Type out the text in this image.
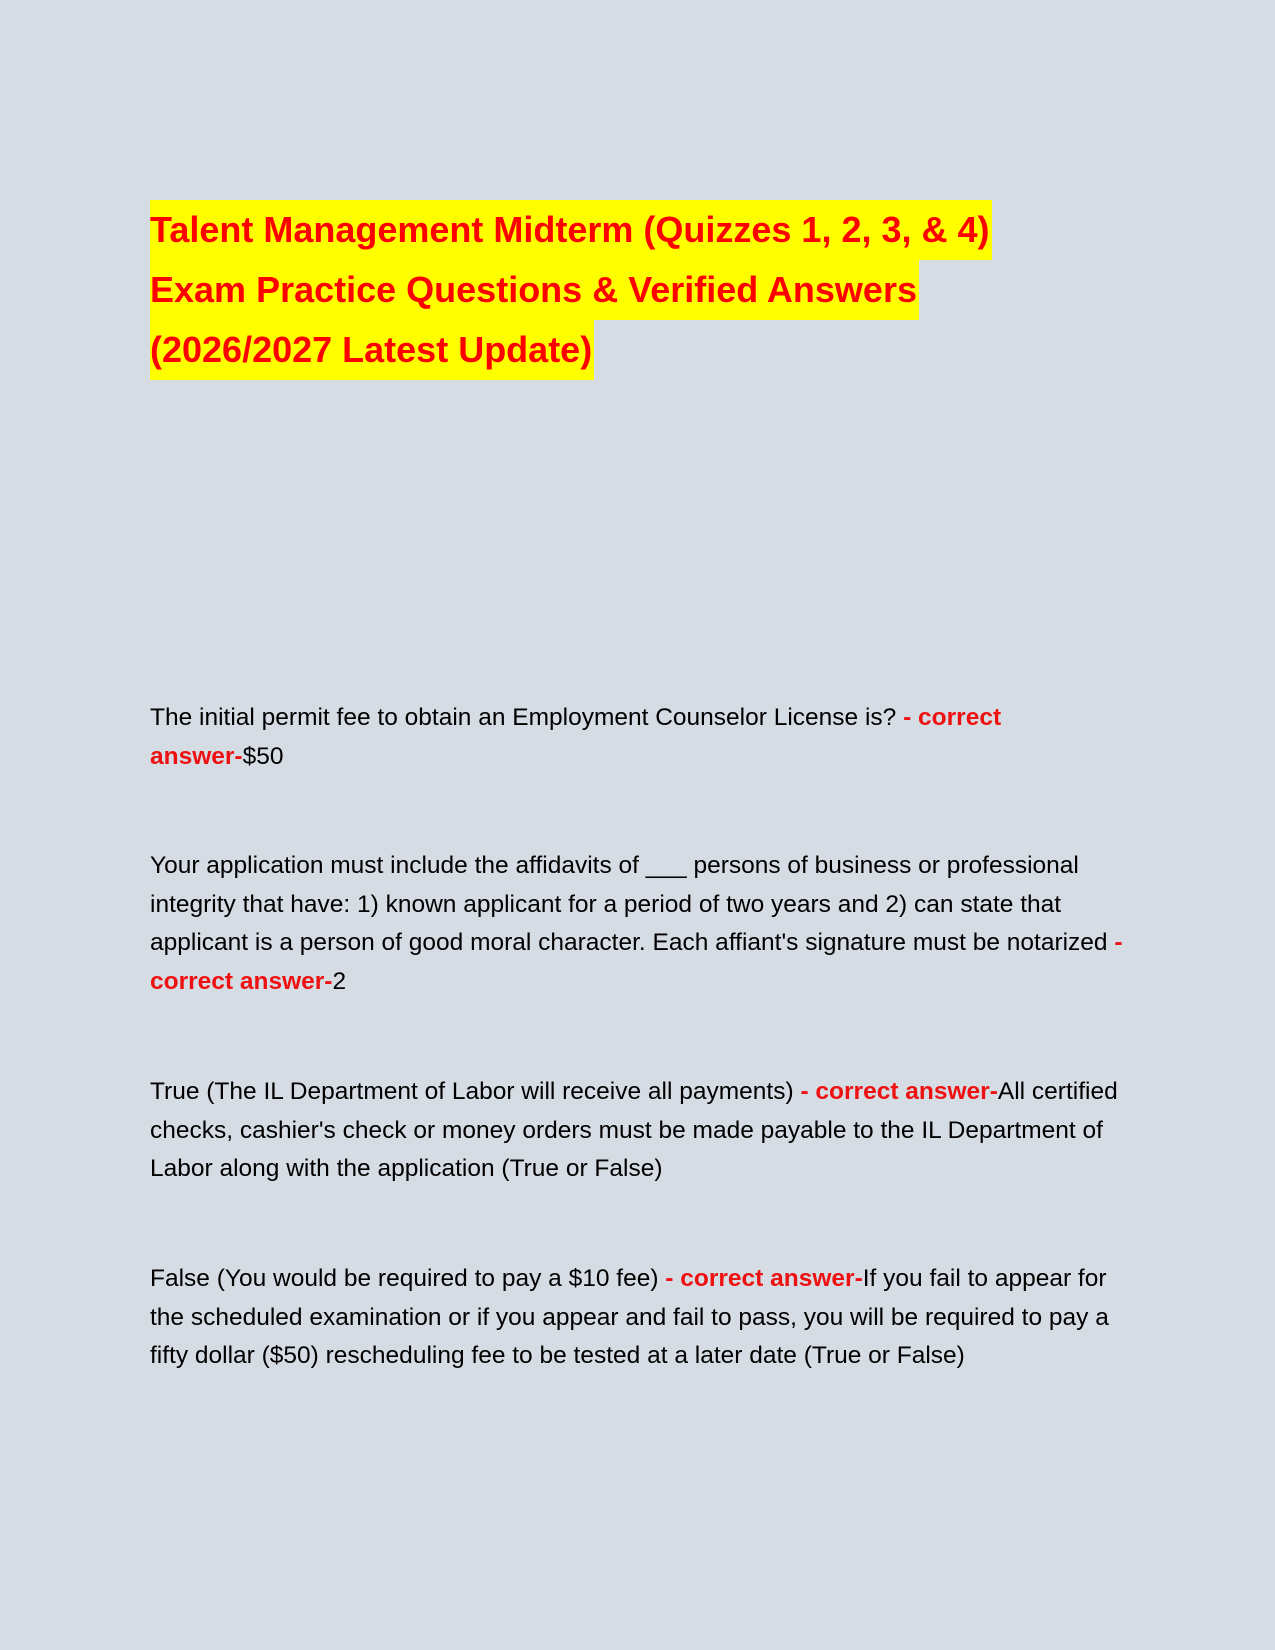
Talent Management Midterm (Quizzes 1, 2, 3, & 4)
Exam Practice Questions & Verified Answers
(2026/2027 Latest Update)

The initial permit fee to obtain an Employment Counselor License is? - correct answer-$50

Your application must include the affidavits of ___ persons of business or professional integrity that have: 1) known applicant for a period of two years and 2) can state that applicant is a person of good moral character. Each affiant's signature must be notarized - correct answer-2

True (The IL Department of Labor will receive all payments) - correct answer-All certified checks, cashier's check or money orders must be made payable to the IL Department of Labor along with the application (True or False)

False (You would be required to pay a $10 fee) - correct answer-If you fail to appear for the scheduled examination or if you appear and fail to pass, you will be required to pay a fifty dollar ($50) rescheduling fee to be tested at a later date (True or False)
